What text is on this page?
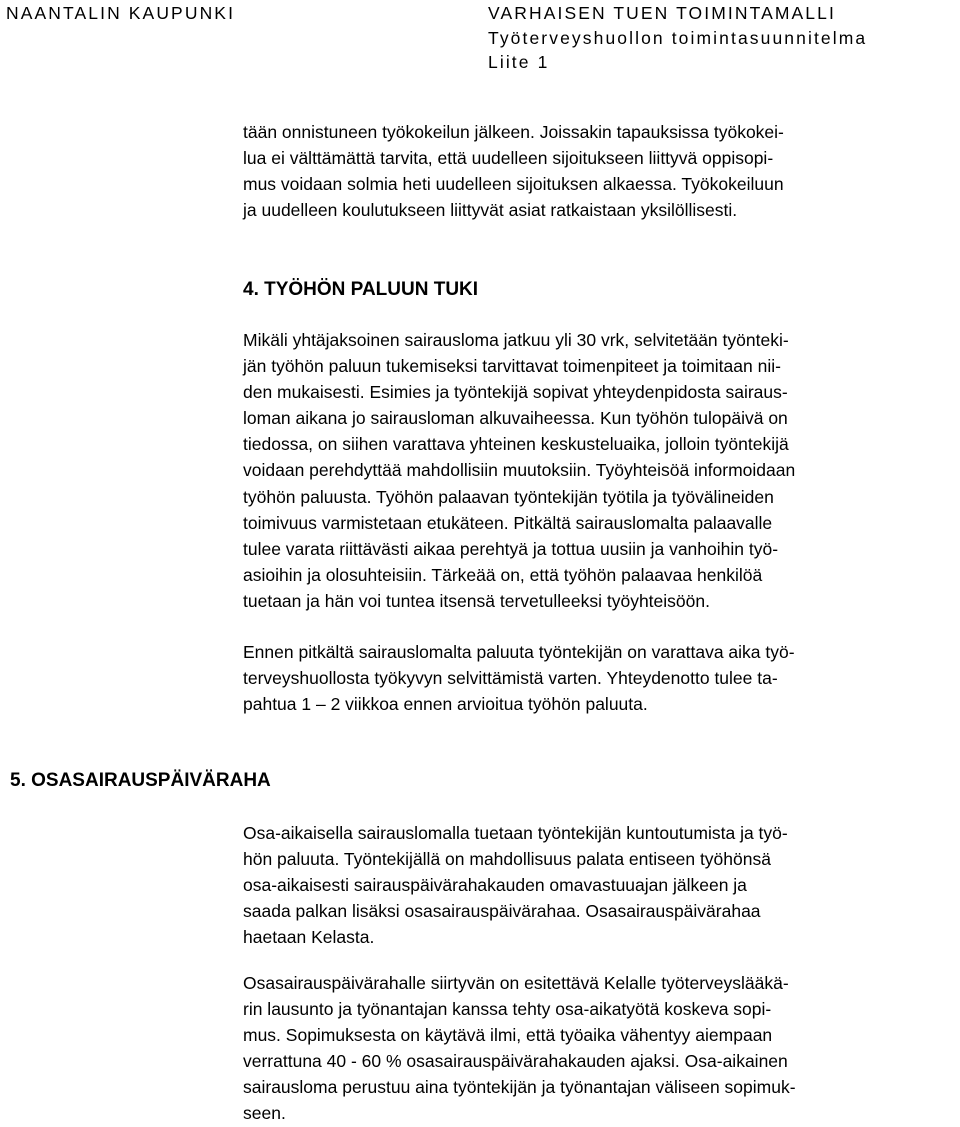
NAANTALIN KAUPUNKI	VARHAISEN TUEN TOIMINTAMALLI
Työterveyshuollon toimintasuunnitelma
Liite 1
tään onnistuneen työkokeilun jälkeen. Joissakin tapauksissa työkokei-
lua ei välttämättä tarvita, että uudelleen sijoitukseen liittyvä oppisopi-
mus voidaan solmia heti uudelleen sijoituksen alkaessa. Työkokeiluun
ja uudelleen koulutukseen liittyvät asiat ratkaistaan yksilöllisesti.
4. TYÖHÖN PALUUN TUKI
Mikäli yhtäjaksoinen sairausloma jatkuu yli 30 vrk, selvitetään työnteki-
jän työhön paluun tukemiseksi tarvittavat toimenpiteet ja toimitaan nii-
den mukaisesti. Esimies ja työntekijä sopivat yhteydenpidosta sairaus-
loman aikana jo sairausloman alkuvaiheessa. Kun työhön tulopäivä on
tiedossa, on siihen varattava yhteinen keskusteluaika, jolloin työntekijä
voidaan perehdyttää mahdollisiin muutoksiin. Työyhteisöä informoidaan
työhön paluusta. Työhön palaavan työntekijän työtila ja työvälineiden
toimivuus varmistetaan etukäteen. Pitkältä sairauslomalta palaavalle
tulee varata riittävästi aikaa perehtyä ja tottua uusiin ja vanhoihin työ-
asioihin ja olosuhteisiin. Tärkeää on, että työhön palaavaa henkilöä
tuetaan ja hän voi tuntea itsensä tervetulleeksi työyhteisöön.
Ennen pitkältä sairauslomalta paluuta työntekijän on varattava aika työ-
terveyshuollosta työkyvyn selvittämistä varten. Yhteydenotto tulee ta-
pahtua 1 – 2 viikkoa ennen arvioitua työhön paluuta.
5. OSASAIRAUSPÄIVÄRAHA
Osa-aikaisella sairauslomalla tuetaan työntekijän kuntoutumista ja työ-
hön paluuta. Työntekijällä on mahdollisuus palata entiseen työhönsä
osa-aikaisesti sairauspäivärahakauden omavastuuajan jälkeen ja
saada palkan lisäksi osasairauspäivärahaa. Osasairauspäivärahaa
haetaan Kelasta.
Osasairauspäivärahalle siirtyvän on esitettävä Kelalle työterveyslääkä-
rin lausunto ja työnantajan kanssa tehty osa-aikatyötä koskeva sopi-
mus. Sopimuksesta on käytävä ilmi, että työaika vähentyy aiempaan
verrattuna 40 - 60 % osasairauspäivärahakauden ajaksi. Osa-aikainen
sairausloma perustuu aina työntekijän ja työnantajan väliseen sopimuk-
seen.
